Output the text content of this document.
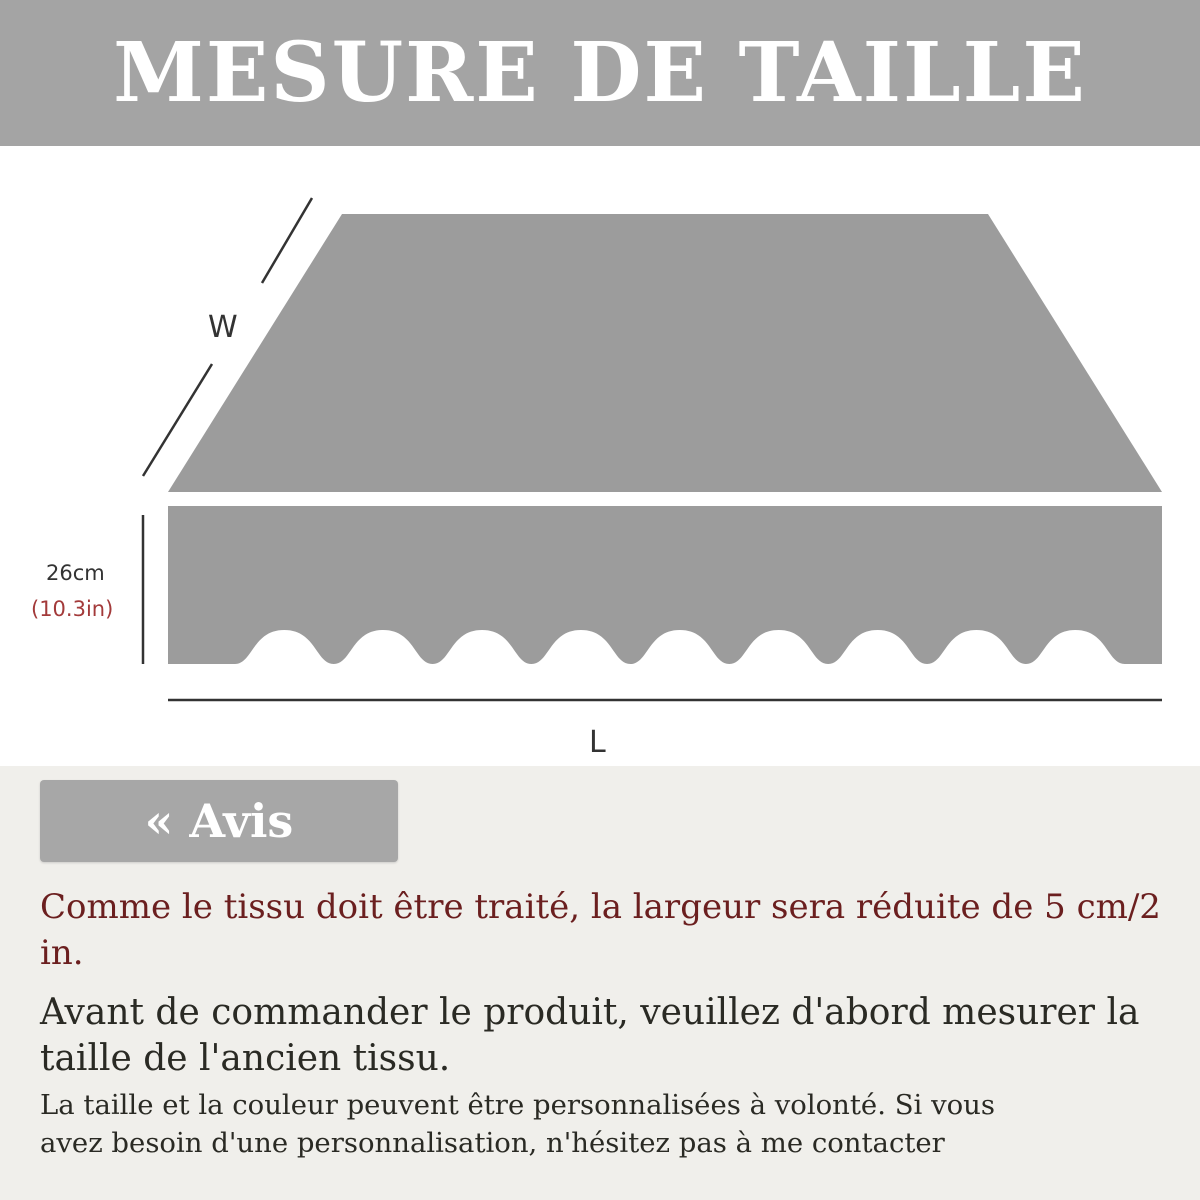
MESURE DE TAILLE
W
26cm
(10.3in)
L
« Avis
Comme le tissu doit être traité, la largeur sera réduite de 5 cm/2 in.
Avant de commander le produit, veuillez d'abord mesurer la taille de l'ancien tissu.
La taille et la couleur peuvent être personnalisées à volonté. Si vous
avez besoin d'une personnalisation, n'hésitez pas à me contacter
